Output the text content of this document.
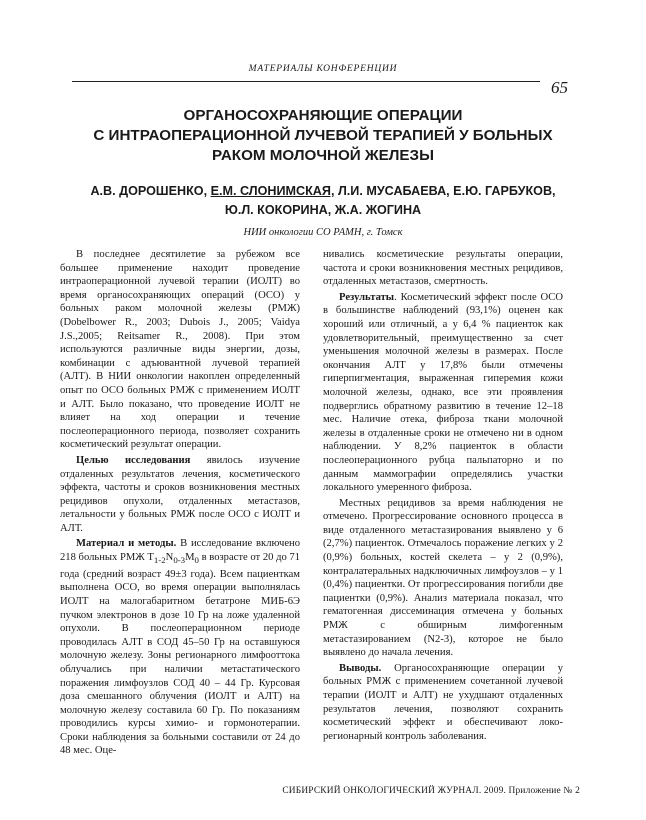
МАТЕРИАЛЫ КОНФЕРЕНЦИИ
65
ОРГАНОСОХРАНЯЮЩИЕ ОПЕРАЦИИ
С ИНТРАОПЕРАЦИОННОЙ ЛУЧЕВОЙ ТЕРАПИЕЙ У БОЛЬНЫХ
РАКОМ МОЛОЧНОЙ ЖЕЛЕЗЫ
А.В. ДОРОШЕНКО, Е.М. СЛОНИМСКАЯ, Л.И. МУСАБАЕВА, Е.Ю. ГАРБУКОВ,
Ю.Л. КОКОРИНА, Ж.А. ЖОГИНА
НИИ онкологии СО РАМН, г. Томск

В последнее десятилетие за рубежом все большее применение находит проведение интраоперационной лучевой терапии (ИОЛТ) во время органосохраняющих операций (ОСО) у больных раком молочной железы (РМЖ) (Dobelbower R., 2003; Dubois J., 2005; Vaidya J.S.,2005; Reitsamer R., 2008). При этом используются различные виды энергии, дозы, комбинации с адъювантной лучевой терапией (АЛТ). В НИИ онкологии накоплен определенный опыт по ОСО больных РМЖ с применением ИОЛТ и АЛТ. Было показано, что проведение ИОЛТ не влияет на ход операции и течение послеоперационного периода, позволяет сохранить косметический результат операции.

Целью исследования явилось изучение отдаленных результатов лечения, косметического эффекта, частоты и сроков возникновения местных рецидивов опухоли, отдаленных метастазов, летальности у больных РМЖ после ОСО с ИОЛТ и АЛТ.

Материал и методы. В исследование включено 218 больных РМЖ $T_{1-2}N_{0-3}M_0$ в возрасте от 20 до 71 года (средний возраст 49±3 года). Всем пациенткам выполнена ОСО, во время операции выполнялась ИОЛТ на малогабаритном бетатроне МИБ-6Э пучком электронов в дозе 10 Гр на ложе удаленной опухоли. В послеоперационном периоде проводилась АЛТ в СОД 45–50 Гр на оставшуюся молочную железу. Зоны регионарного лимфооттока облучались при наличии метастатического поражения лимфоузлов СОД 40 – 44 Гр. Курсовая доза смешанного облучения (ИОЛТ и АЛТ) на молочную железу составила 60 Гр. По показаниям проводились курсы химио- и гормонотерапии. Сроки наблюдения за больными составили от 24 до 48 мес. Оце-

нивались косметические результаты операции, частота и сроки возникновения местных рецидивов, отдаленных метастазов, смертность.

Результаты. Косметический эффект после ОСО в большинстве наблюдений (93,1%) оценен как хороший или отличный, а у 6,4 % пациенток как удовлетворительный, преимущественно за счет уменьшения молочной железы в размерах. После окончания АЛТ у 17,8% были отмечены гиперпигментация, выраженная гиперемия кожи молочной железы, однако, все эти проявления подверглись обратному развитию в течение 12–18 мес. Наличие отека, фиброза ткани молочной железы в отдаленные сроки не отмечено ни в одном наблюдении. У 8,2% пациенток в области послеоперационного рубца пальпаторно и по данным маммографии определялись участки локального умеренного фиброза.

Местных рецидивов за время наблюдения не отмечено. Прогрессирование основного процесса в виде отдаленного метастазирования выявлено у 6 (2,7%) пациенток. Отмечалось поражение легких у 2 (0,9%) больных, костей скелета – у 2 (0,9%), контралатеральных надключичных лимфоузлов – у 1 (0,4%) пациентки. От прогрессирования погибли две пациентки (0,9%). Анализ материала показал, что гематогенная диссеминация отмечена у больных РМЖ с обширным лимфогенным метастазированием (N2-3), которое не было выявлено до начала лечения.

Выводы. Органосохраняющие операции у больных РМЖ с применением сочетанной лучевой терапии (ИОЛТ и АЛТ) не ухудшают отдаленных результатов лечения, позволяют сохранить косметический эффект и обеспечивают локо-регионарный контроль заболевания.

СИБИРСКИЙ ОНКОЛОГИЧЕСКИЙ ЖУРНАЛ. 2009. Приложение № 2
